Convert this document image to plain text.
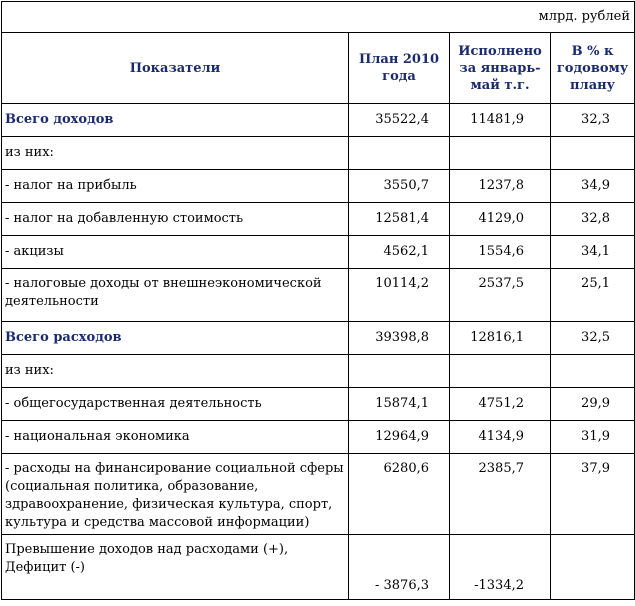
млрд. рублей			
Показатели	План 2010 года	Исполнено за январь-май т.г.	В % к годовому плану
Всего доходов	35522,4	11481,9	32,3
из них:			
- налог на прибыль	3550,7	1237,8	34,9
- налог на добавленную стоимость	12581,4	4129,0	32,8
- акцизы	4562,1	1554,6	34,1
- налоговые доходы от внешнеэкономической деятельности	10114,2	2537,5	25,1
Всего расходов	39398,8	12816,1	32,5
из них:			
- общегосударственная деятельность	15874,1	4751,2	29,9
- национальная экономика	12964,9	4134,9	31,9
- расходы на финансирование социальной сферы (социальная политика, образование, здравоохранение, физическая культура, спорт, культура и средства массовой информации)	6280,6	2385,7	37,9
Превышение доходов над расходами (+), Дефицит (-)	- 3876,3	-1334,2	
